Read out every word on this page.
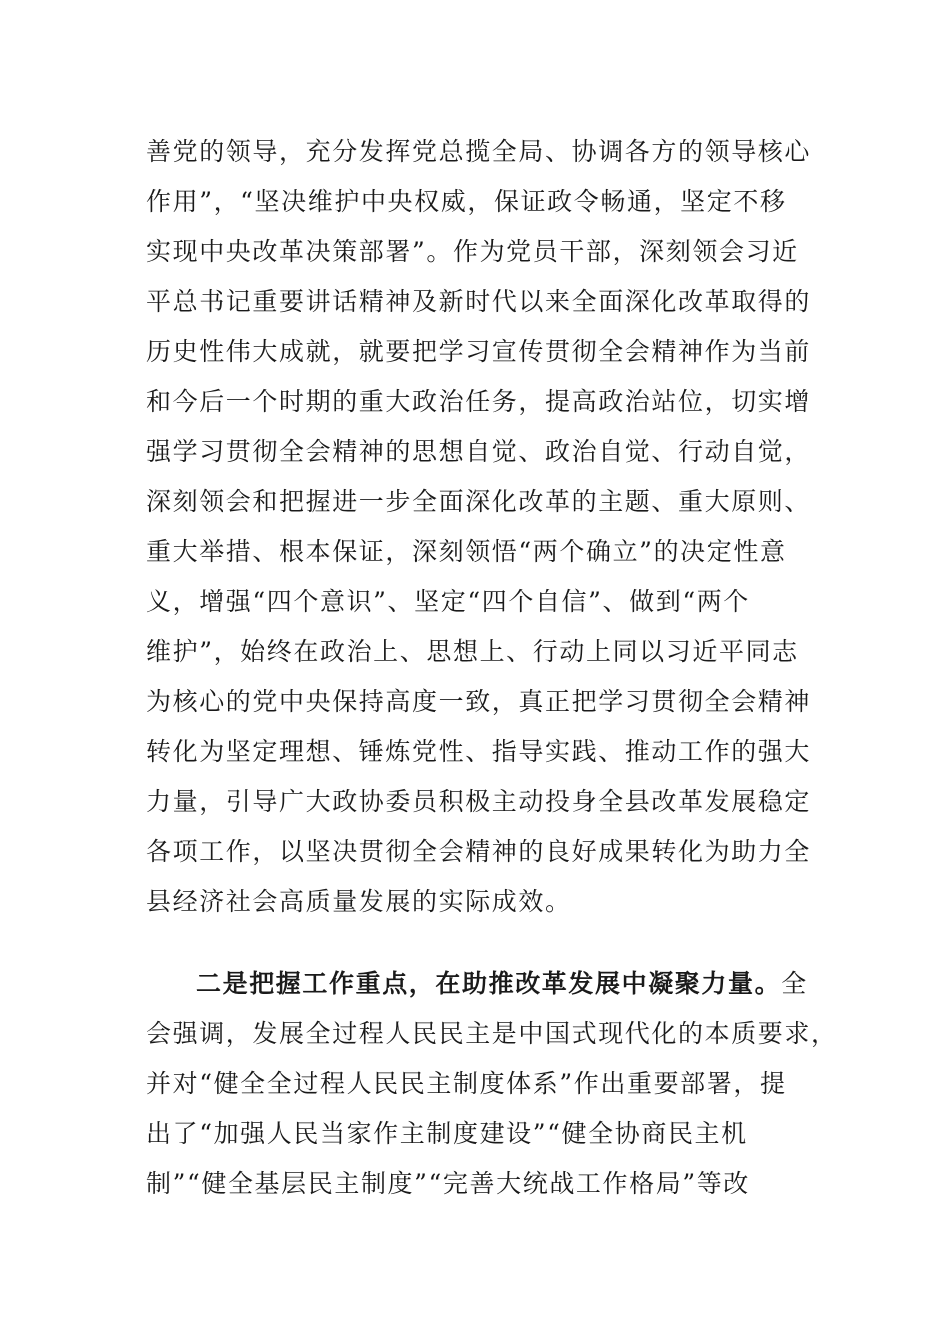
善党的领导，充分发挥党总揽全局、协调各方的领导核心
作用”，“坚决维护中央权威，保证政令畅通，坚定不移
实现中央改革决策部署”。作为党员干部，深刻领会习近
平总书记重要讲话精神及新时代以来全面深化改革取得的
历史性伟大成就，就要把学习宣传贯彻全会精神作为当前
和今后一个时期的重大政治任务，提高政治站位，切实增
强学习贯彻全会精神的思想自觉、政治自觉、行动自觉，
深刻领会和把握进一步全面深化改革的主题、重大原则、
重大举措、根本保证，深刻领悟“两个确立”的决定性意
义，增强“四个意识”、坚定“四个自信”、做到“两个
维护”，始终在政治上、思想上、行动上同以习近平同志
为核心的党中央保持高度一致，真正把学习贯彻全会精神
转化为坚定理想、锤炼党性、指导实践、推动工作的强大
力量，引导广大政协委员积极主动投身全县改革发展稳定
各项工作，以坚决贯彻全会精神的良好成果转化为助力全
县经济社会高质量发展的实际成效。
二是把握工作重点，在助推改革发展中凝聚力量。全
会强调，发展全过程人民民主是中国式现代化的本质要求，
并对“健全全过程人民民主制度体系”作出重要部署，提
出了“加强人民当家作主制度建设”“健全协商民主机
制”“健全基层民主制度”“完善大统战工作格局”等改
